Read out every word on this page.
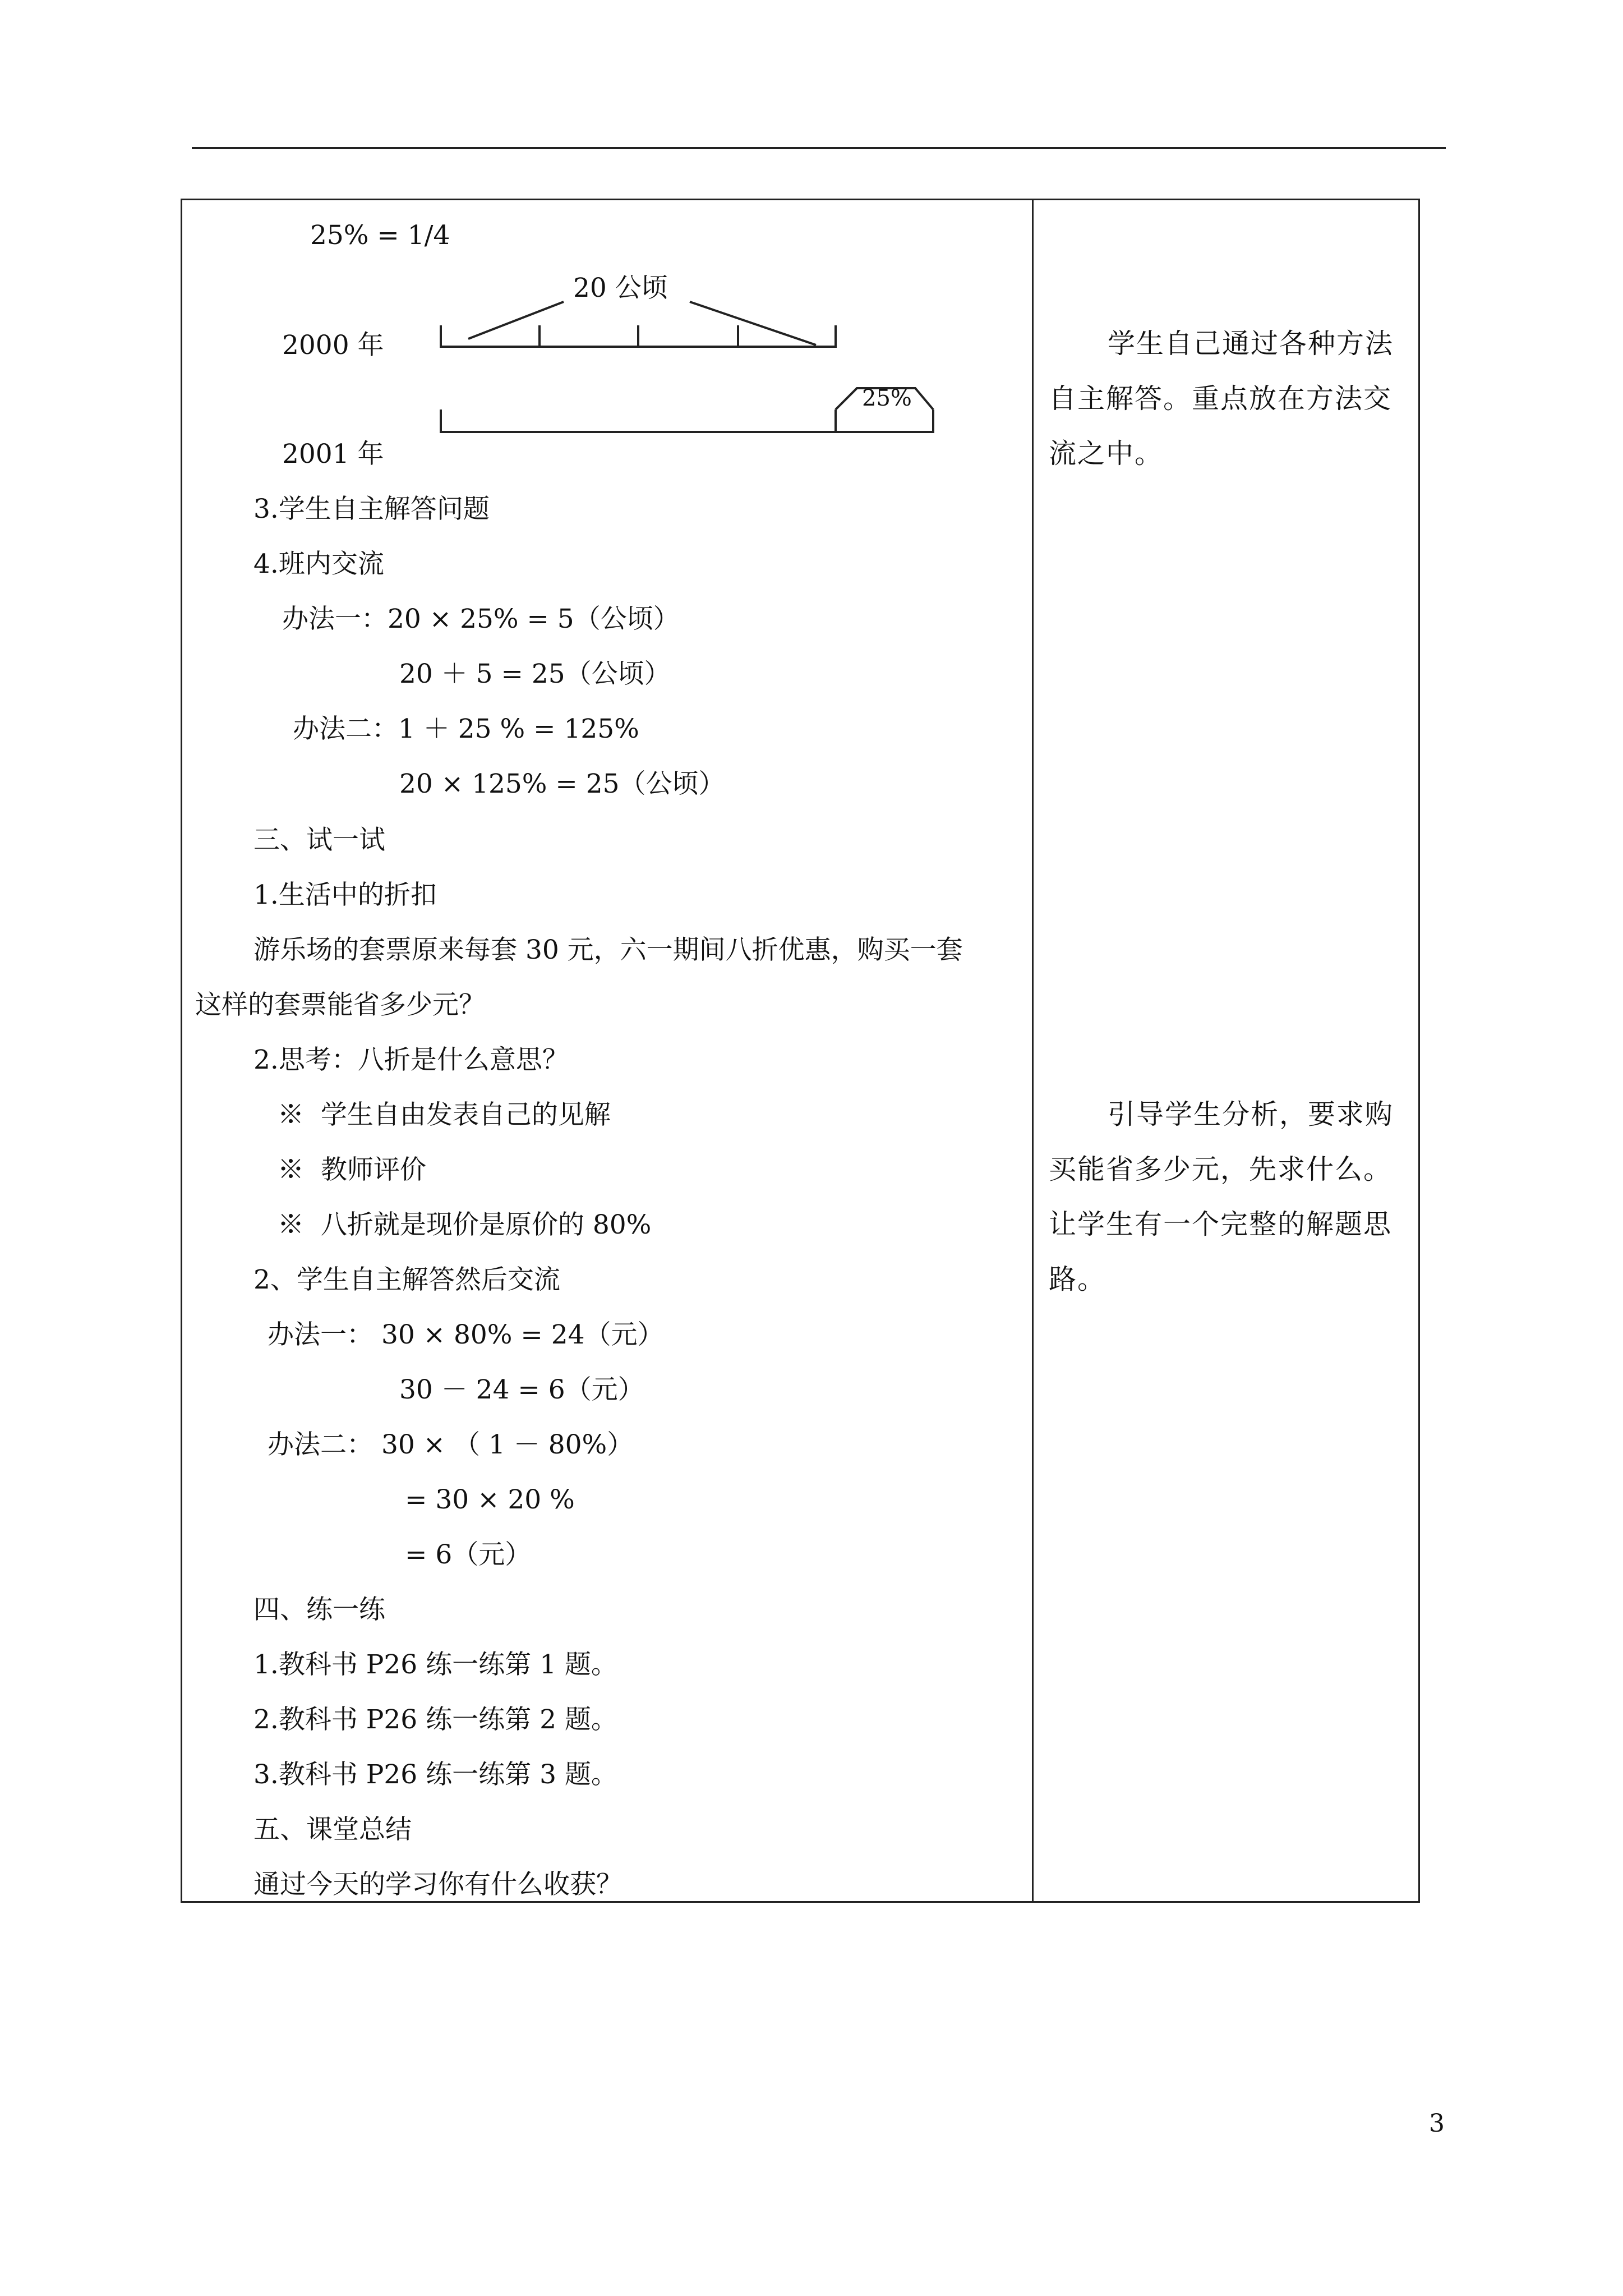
25% = 1/4
20 公顷
2000 年
25%
2001 年
3.学生自主解答问题
4.班内交流
办法一：20 × 25% = 5（公顷）
20 ＋ 5 = 25（公顷）
办法二：1 ＋ 25 % = 125%
20 × 125% = 25（公顷）
三、试一试
1.生活中的折扣
游乐场的套票原来每套 30 元，六一期间八折优惠，购买一套
这样的套票能省多少元？
2.思考：八折是什么意思？
※  学生自由发表自己的见解
※  教师评价
※  八折就是现价是原价的 80%
2、学生自主解答然后交流
办法一： 30 × 80% = 24（元）
30 － 24 = 6（元）
办法二： 30 × （ 1 － 80%）
= 30 × 20 %
= 6（元）
四、练一练
1.教科书 P26 练一练第 1 题。
2.教科书 P26 练一练第 2 题。
3.教科书 P26 练一练第 3 题。
五、课堂总结
通过今天的学习你有什么收获？
学生自己通过各种方法
自主解答。重点放在方法交
流之中。
引导学生分析，要求购
买能省多少元，先求什么。
让学生有一个完整的解题思
路。
3
